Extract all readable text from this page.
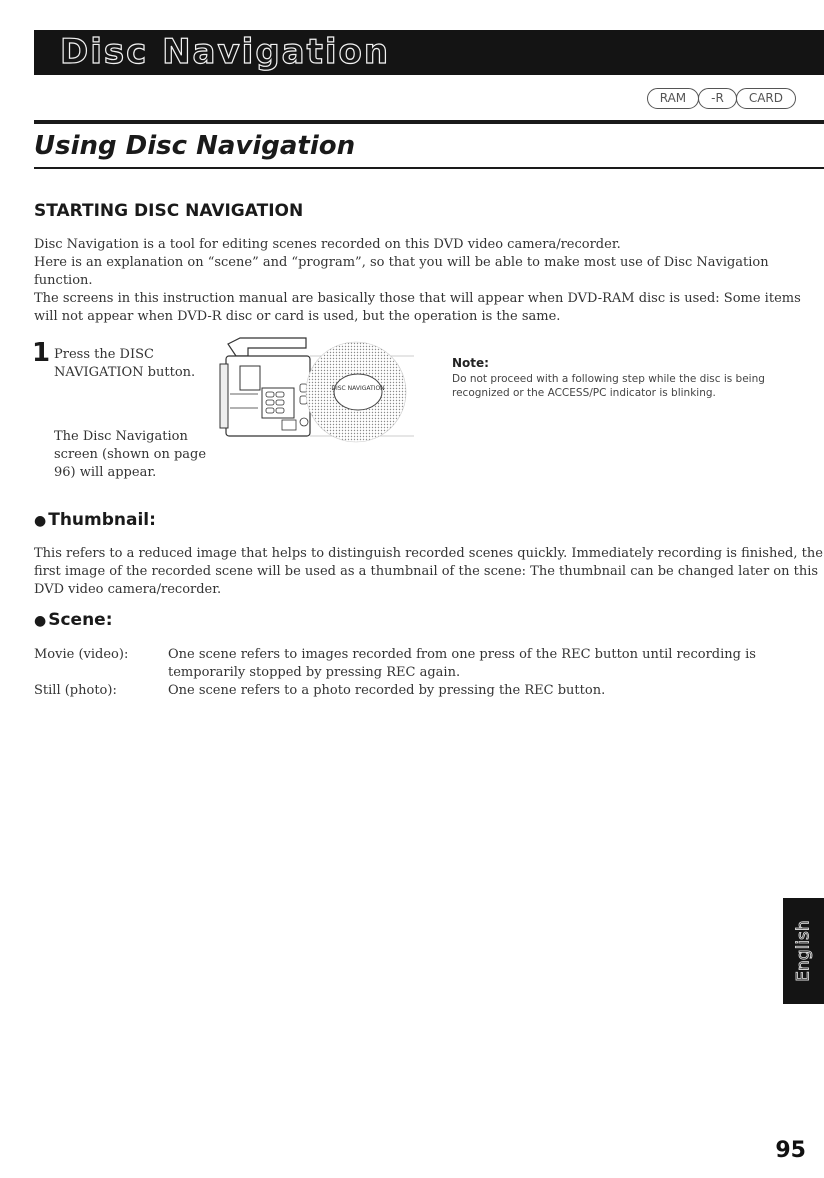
Disc Navigation
RAM	-R	CARD
Using Disc Navigation
STARTING DISC NAVIGATION

Disc Navigation is a tool for editing scenes recorded on this DVD video camera/recorder.

Here is an explanation on “scene” and “program”, so that you will be able to make most use of Disc Navigation function.

The screens in this instruction manual are basically those that will appear when DVD-RAM disc is used: Some items will not appear when DVD-R disc or card is used, but the operation is the same.

1 Press the DISC NAVIGATION button.
The Disc Navigation screen (shown on page 96) will appear.
DISC NAVIGATION
Note:
Do not proceed with a following step while the disc is being recognized or the ACCESS/PC indicator is blinking.
● Thumbnail:

This refers to a reduced image that helps to distinguish recorded scenes quickly. Immediately recording is finished, the first image of the recorded scene will be used as a thumbnail of the scene: The thumbnail can be changed later on this DVD video camera/recorder.

● Scene:
Movie (video):	One scene refers to images recorded from one press of the REC button until recording is temporarily stopped by pressing REC again.
Still (photo):	One scene refers to a photo recorded by pressing the REC button.
English
95
